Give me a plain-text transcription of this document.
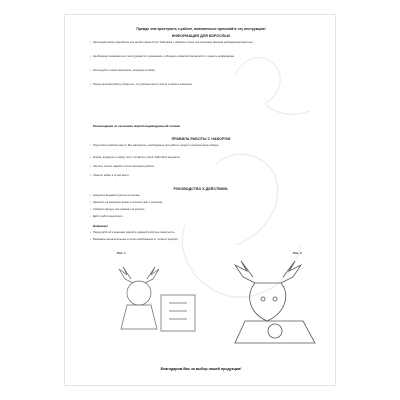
Прежде чем приступить к работе, внимательно прочитайте эту инструкцию!
ИНФОРМАЦИЯ ДЛЯ ВЗРОСЛЫХ
• Настоящий набор разработан для детей старше 8 лет. Работайте с набором только под непосредственным наблюдением взрослых.
• Необходимо ознакомиться с инструкцией по применению, соблюдать правила безопасности и хранить информацию.
• Используйте только материалы, входящие в набор.
• Перед началом работы убедитесь, что рабочее место чистое и хорошо освещено.
Рекомендации по окончании первой индивидуальной техники
ПРАВИЛА РАБОТЫ С НАБОРОМ
• Подготовьте рабочее место. Все материалы, необходимые для работы, входят в комплектацию набора.
• Краски, входящие в набор, могут оставлять пятна. Работайте аккуратно.
• Пастель плотно закройте после окончания работы.
• Храните набор в сухом месте.
РУКОВОДСТВО К ДЕЙСТВИЮ:
• Аккуратно выдавите детали из основы.
• Нанесите на раскраску краску в соответствии с рисунком.
• Соберите фигуру, как показано на рисунке.
• Дайте работе высохнуть.
Внимание!
• Перед работой с красками закройте одеждой рабочую поверхность.
• Возможны незначительные отличия изображения от готового изделия.
Рис. 1	Рис. 2
Благодарим Вас за выбор нашей продукции!
